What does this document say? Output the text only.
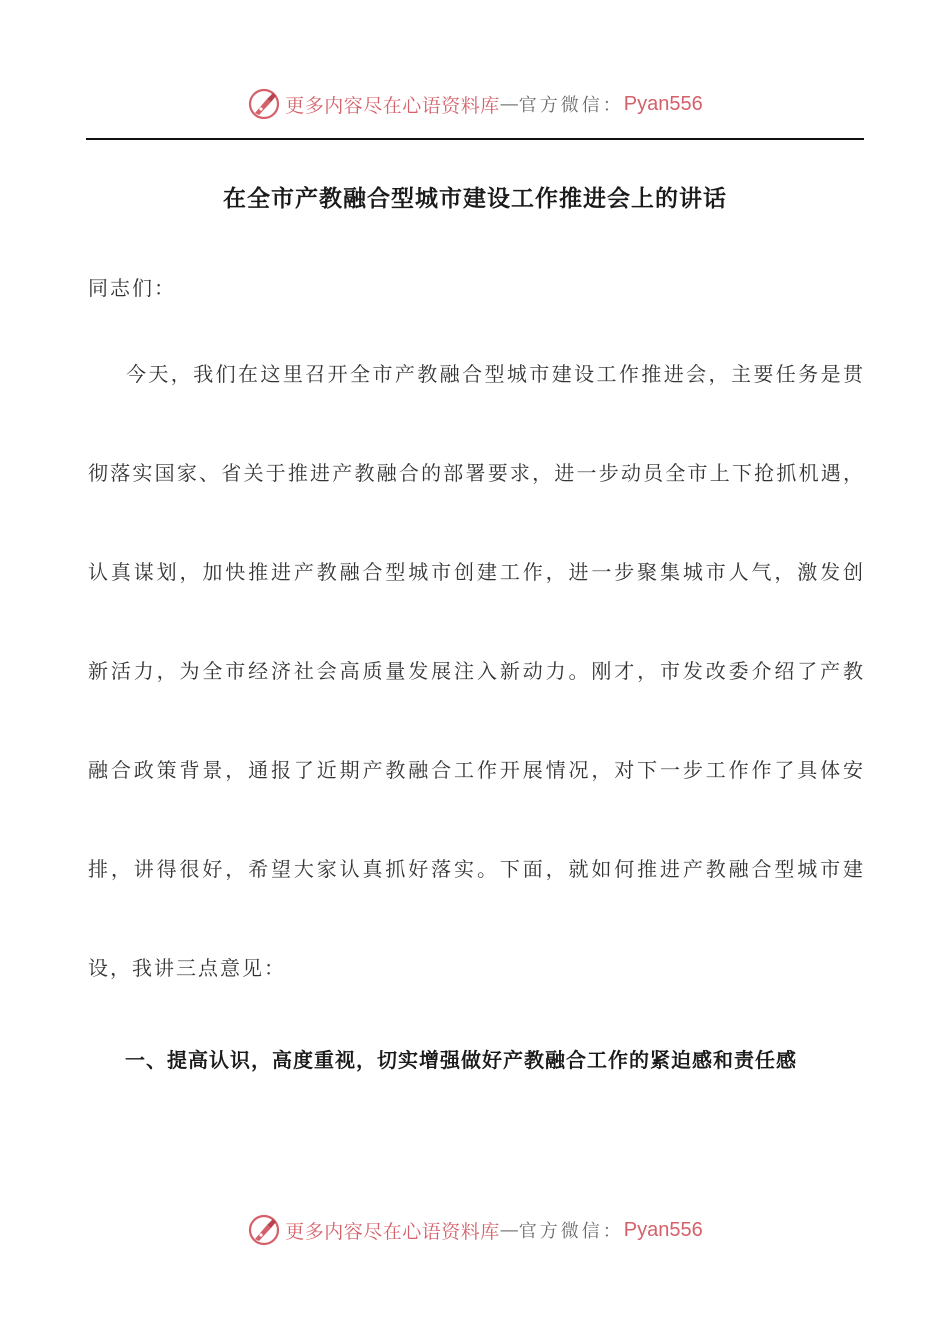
更多内容尽在心语资料库 — 官方微信： Pyan556
在全市产教融合型城市建设工作推进会上的讲话
同志们：
今天，我们在这里召开全市产教融合型城市建设工作推进会，主要任务是贯
彻落实国家、省关于推进产教融合的部署要求，进一步动员全市上下抢抓机遇，
认真谋划，加快推进产教融合型城市创建工作，进一步聚集城市人气，激发创
新活力，为全市经济社会高质量发展注入新动力。刚才，市发改委介绍了产教
融合政策背景，通报了近期产教融合工作开展情况，对下一步工作作了具体安
排，讲得很好，希望大家认真抓好落实。下面，就如何推进产教融合型城市建
设，我讲三点意见：
一、提高认识，高度重视，切实增强做好产教融合工作的紧迫感和责任感
更多内容尽在心语资料库 — 官方微信： Pyan556
